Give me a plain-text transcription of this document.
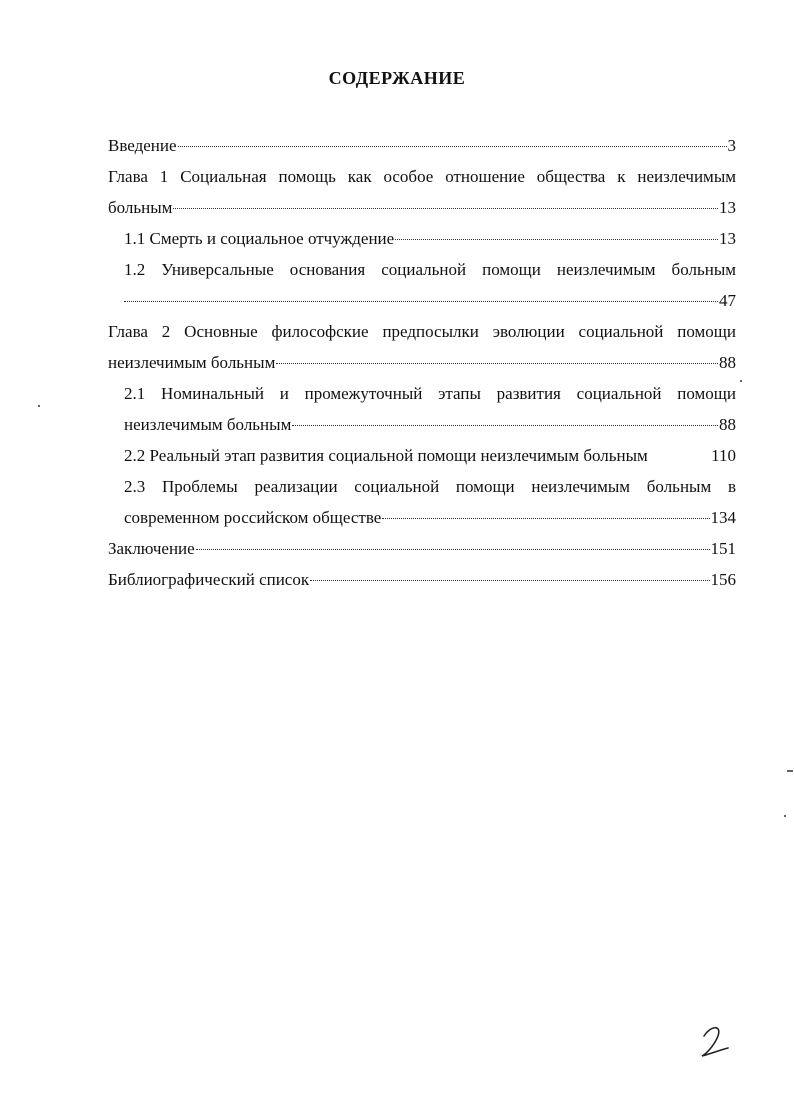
СОДЕРЖАНИЕ
Введение	3
Глава 1 Социальная помощь как особое отношение общества к неизлечимым
больным	13
1.1 Смерть и социальное отчуждение	13
1.2 Универсальные основания социальной помощи неизлечимым больным
47
Глава 2 Основные философские предпосылки эволюции социальной помощи
неизлечимым больным	88
2.1 Номинальный и промежуточный этапы развития социальной помощи
неизлечимым больным	88
2.2 Реальный этап развития социальной помощи неизлечимым больным	110
2.3 Проблемы реализации социальной помощи неизлечимым больным в
современном российском обществе	134
Заключение	151
Библиографический список	156
